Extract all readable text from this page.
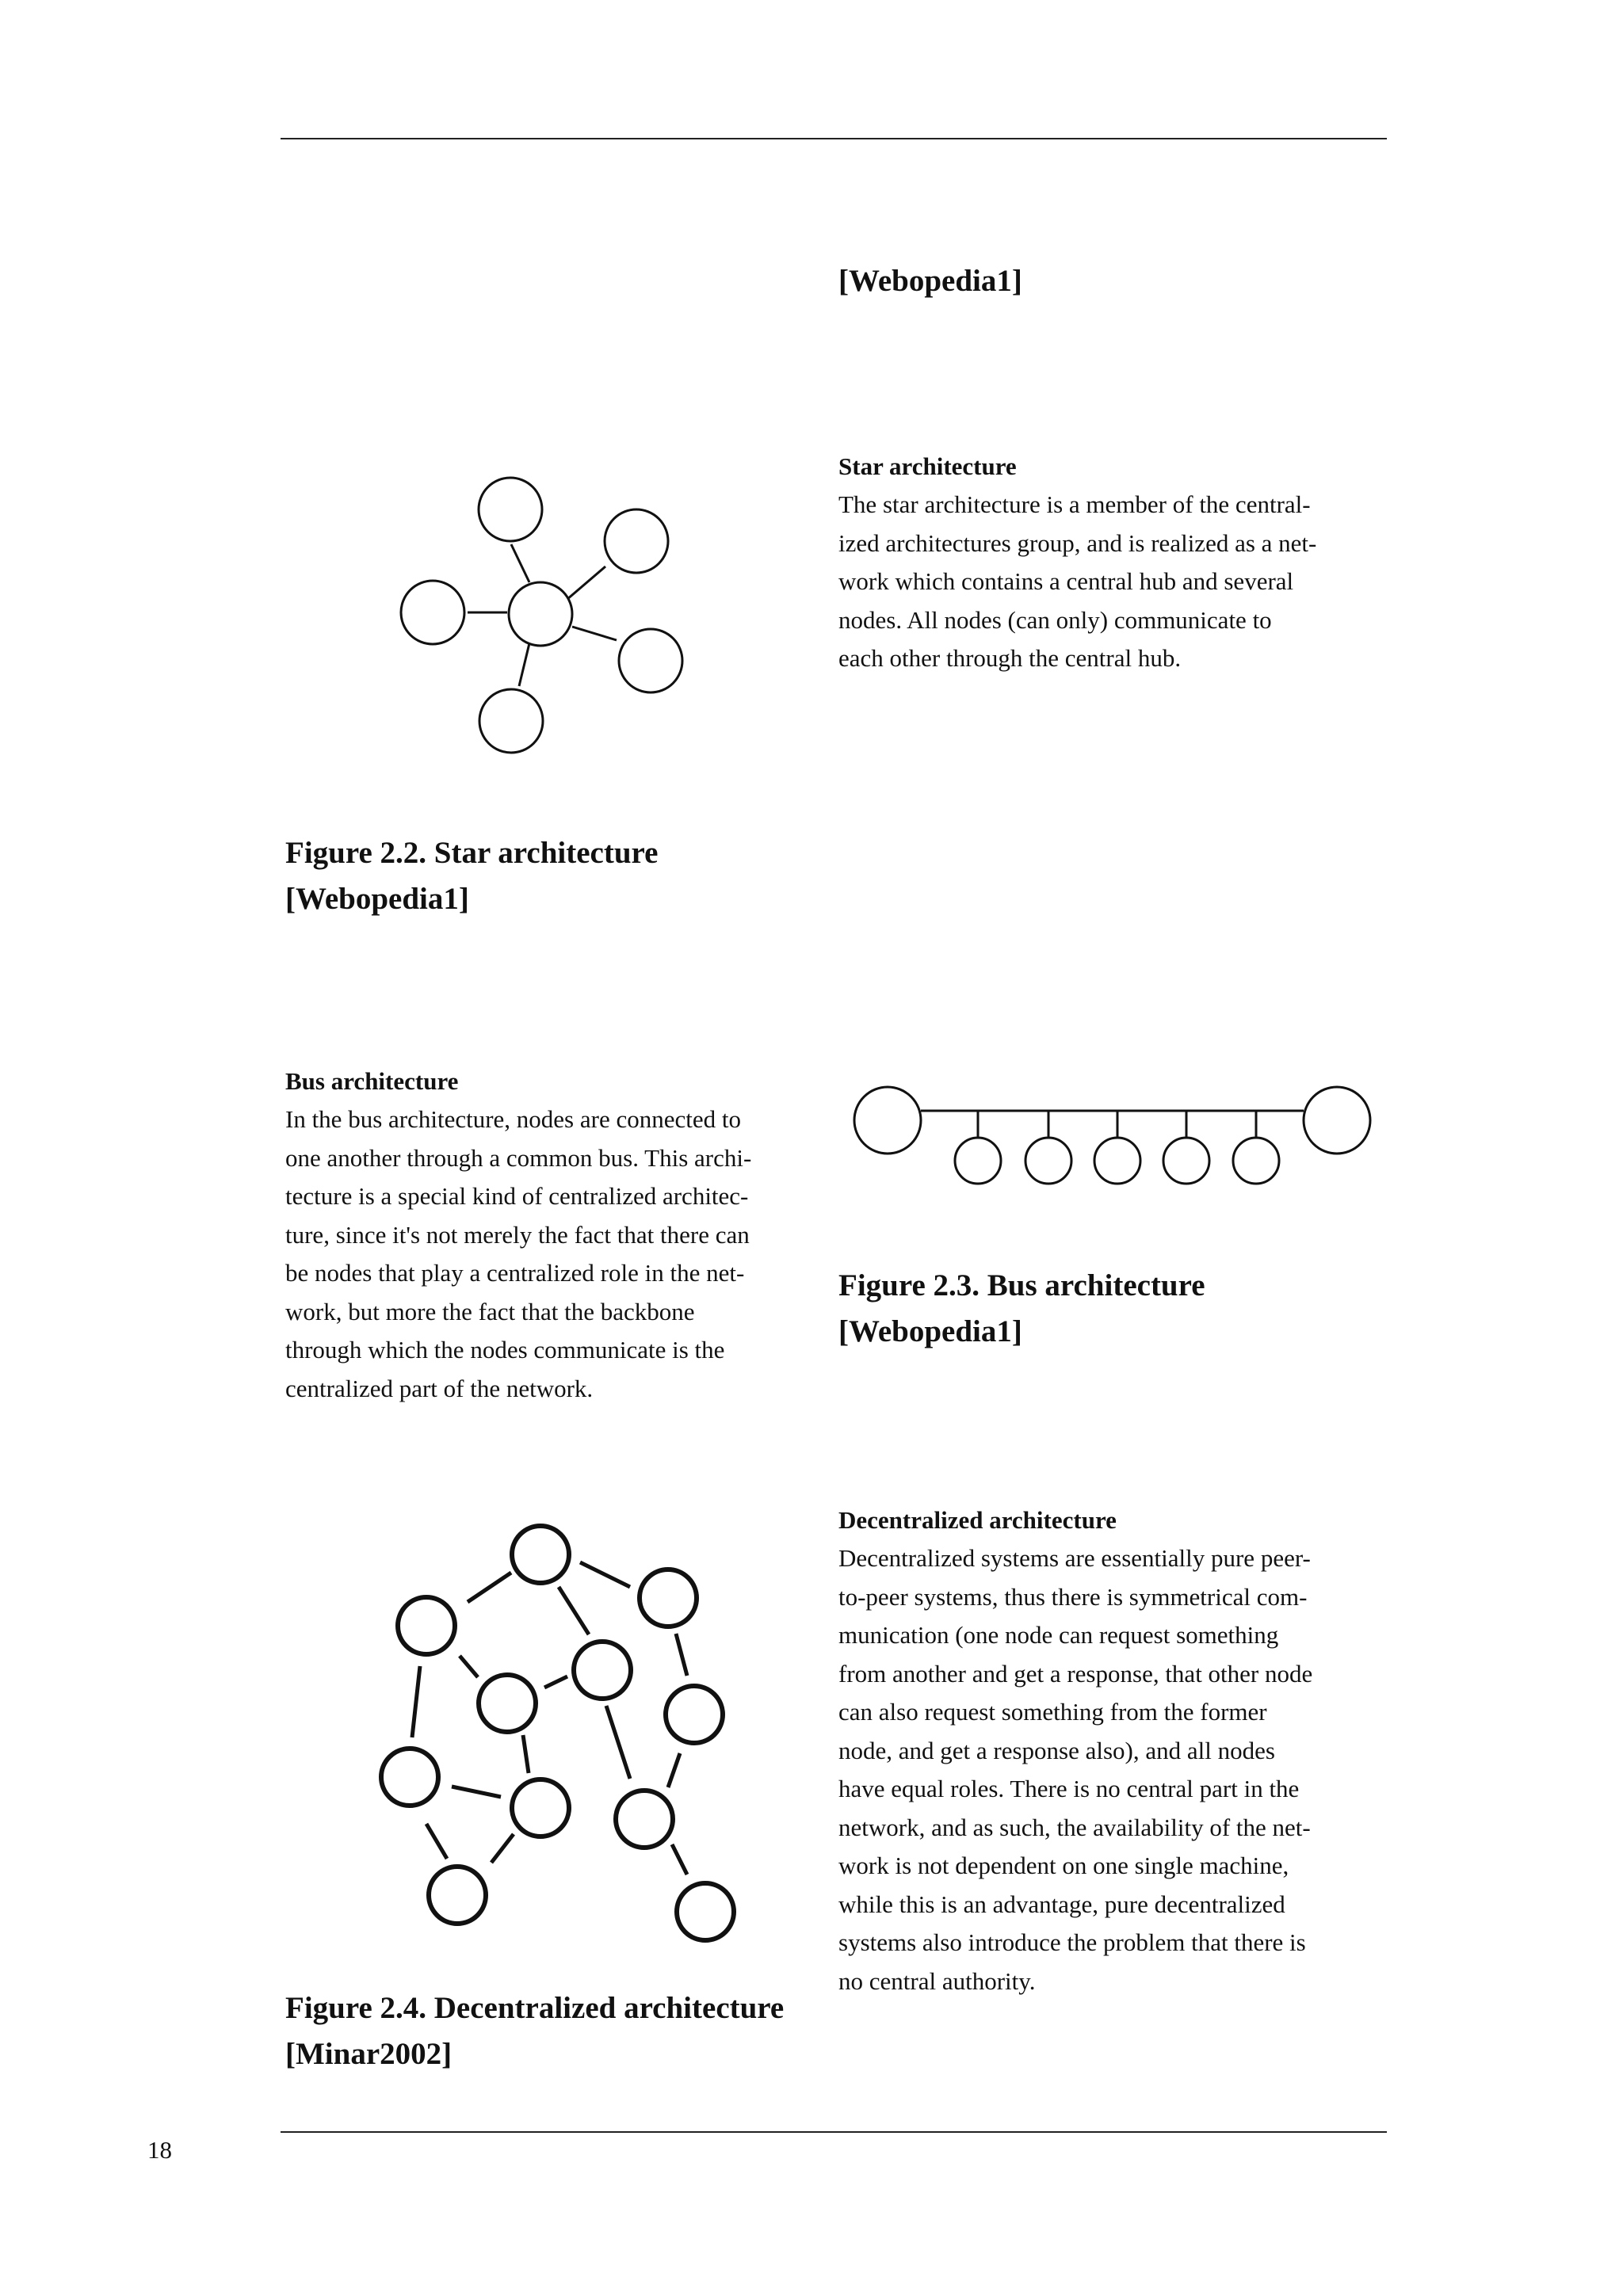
[Webopedia1]

Star architecture

The star architecture is a member of the central-
ized architectures group, and is realized as a net-
work which contains a central hub and several
nodes. All nodes (can only) communicate to
each other through the central hub.

Figure 2.2. Star architecture
[Webopedia1]

Bus architecture

In the bus architecture, nodes are connected to
one another through a common bus. This archi-
tecture is a special kind of centralized architec-
ture, since it's not merely the fact that there can
be nodes that play a centralized role in the net-
work, but more the fact that the backbone
through which the nodes communicate is the
centralized part of the network.

Figure 2.3. Bus architecture
[Webopedia1]

Decentralized architecture

Decentralized systems are essentially pure peer-
to-peer systems, thus there is symmetrical com-
munication (one node can request something
from another and get a response, that other node
can also request something from the former
node, and get a response also), and all nodes
have equal roles. There is no central part in the
network, and as such, the availability of the net-
work is not dependent on one single machine,
while this is an advantage, pure decentralized
systems also introduce the problem that there is
no central authority.

Figure 2.4. Decentralized architecture
[Minar2002]

18
